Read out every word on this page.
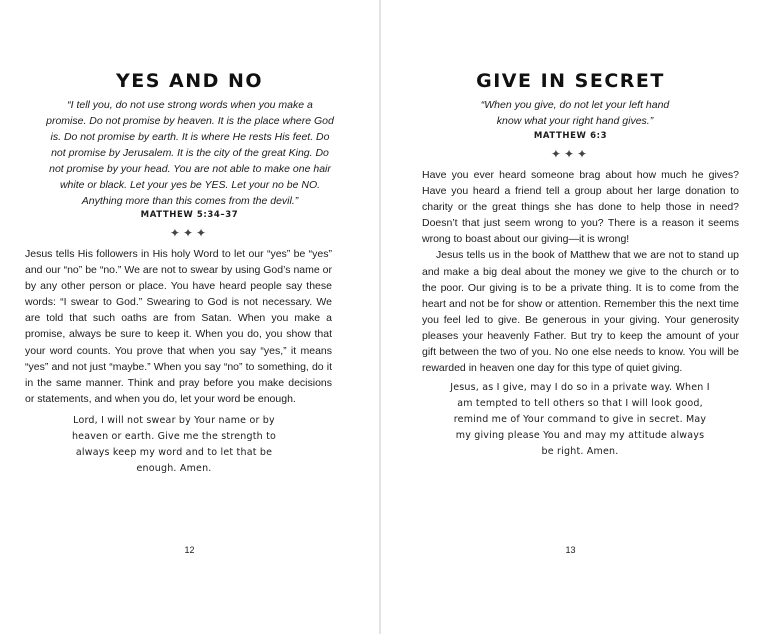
YES AND NO
“I tell you, do not use strong words when you make a promise. Do not promise by heaven. It is the place where God is. Do not promise by earth. It is where He rests His feet. Do not promise by Jerusalem. It is the city of the great King. Do not promise by your head. You are not able to make one hair white or black. Let your yes be YES. Let your no be NO. Anything more than this comes from the devil.”
MATTHEW 5:34–37
✦✦✦

Jesus tells His followers in His holy Word to let our “yes” be “yes” and our “no” be “no.” We are not to swear by using God’s name or by any other person or place. You have heard people say these words: “I swear to God.” Swearing to God is not necessary. We are told that such oaths are from Satan. When you make a promise, always be sure to keep it. When you do, you show that your word counts. You prove that when you say “yes,” it means “yes” and not just “maybe.” When you say “no” to something, do it in the same manner. Think and pray before you make decisions or statements, and when you do, let your word be enough.

Lord, I will not swear by Your name or by heaven or earth. Give me the strength to always keep my word and to let that be enough. Amen.
12
GIVE IN SECRET
“When you give, do not let your left hand know what your right hand gives.”
MATTHEW 6:3
✦✦✦

Have you ever heard someone brag about how much he gives? Have you heard a friend tell a group about her large donation to charity or the great things she has done to help those in need? Doesn’t that just seem wrong to you? There is a reason it seems wrong to boast about our giving—it is wrong!

Jesus tells us in the book of Matthew that we are not to stand up and make a big deal about the money we give to the church or to the poor. Our giving is to be a private thing. It is to come from the heart and not be for show or attention. Remember this the next time you feel led to give. Be generous in your giving. Your generosity pleases your heavenly Father. But try to keep the amount of your gift between the two of you. No one else needs to know. You will be rewarded in heaven one day for this type of quiet giving.

Jesus, as I give, may I do so in a private way. When I am tempted to tell others so that I will look good, remind me of Your command to give in secret. May my giving please You and may my attitude always be right. Amen.
13
